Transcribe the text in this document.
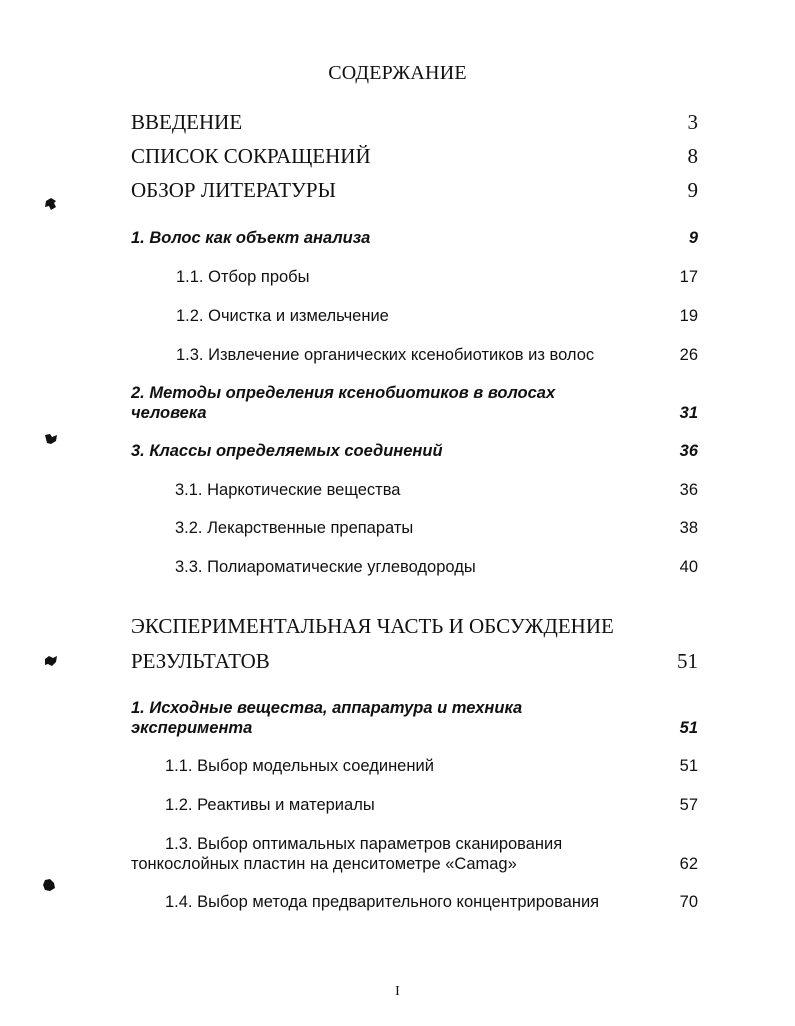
СОДЕРЖАНИЕ
ВВЕДЕНИЕ	3
СПИСОК СОКРАЩЕНИЙ	8
ОБЗОР ЛИТЕРАТУРЫ	9
1. Волос как объект анализа	9
1.1. Отбор пробы	17
1.2. Очистка и измельчение	19
1.3. Извлечение органических ксенобиотиков из волос	26
2. Методы определения ксенобиотиков в волосах
человека	31
3. Классы определяемых соединений	36
3.1. Наркотические вещества	36
3.2. Лекарственные препараты	38
3.3. Полиароматические углеводороды	40
ЭКСПЕРИМЕНТАЛЬНАЯ ЧАСТЬ И ОБСУЖДЕНИЕ
РЕЗУЛЬТАТОВ	51
1. Исходные вещества, аппаратура и техника
эксперимента	51
1.1. Выбор модельных соединений	51
1.2. Реактивы и материалы	57
1.3. Выбор оптимальных параметров сканирования
тонкослойных пластин на денситометре «Camag»	62
1.4. Выбор метода предварительного концентрирования	70
I
